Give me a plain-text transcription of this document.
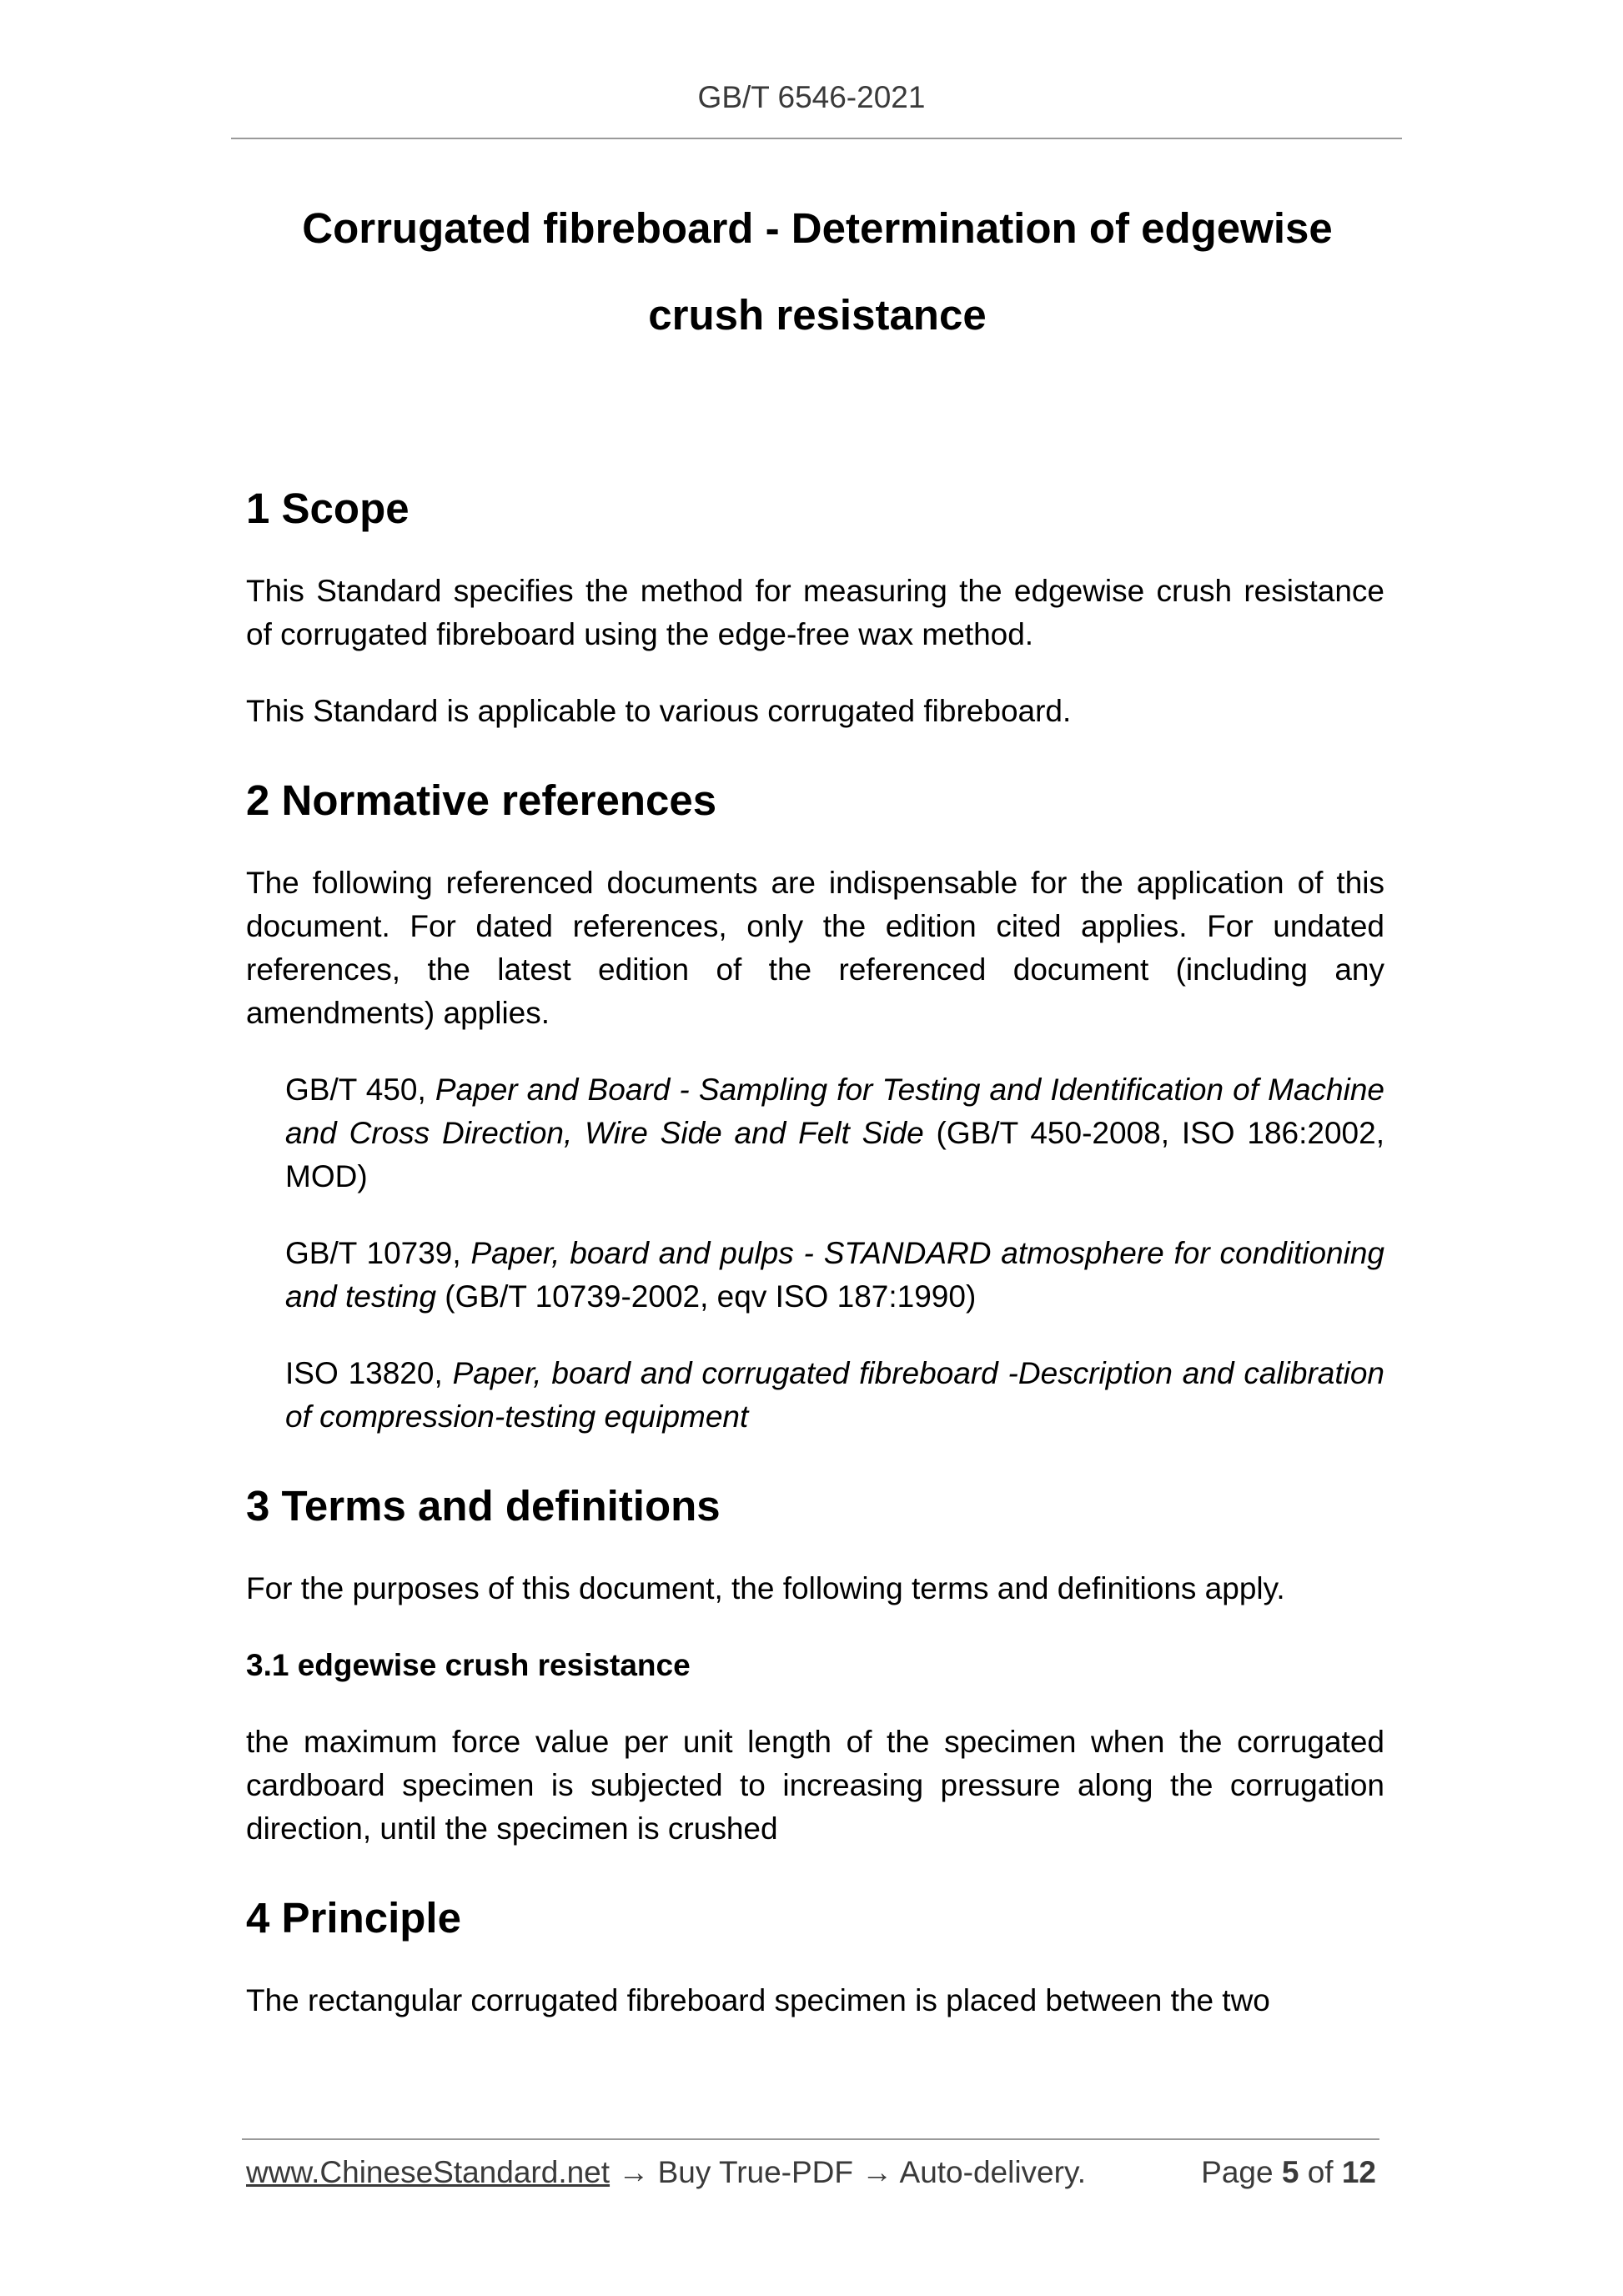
GB/T 6546-2021
Corrugated fibreboard - Determination of edgewise
crush resistance
1 Scope

This Standard specifies the method for measuring the edgewise crush resistance of corrugated fibreboard using the edge-free wax method.

This Standard is applicable to various corrugated fibreboard.

2 Normative references

The following referenced documents are indispensable for the application of this document. For dated references, only the edition cited applies. For undated references, the latest edition of the referenced document (including any amendments) applies.

GB/T 450, Paper and Board - Sampling for Testing and Identification of Machine and Cross Direction, Wire Side and Felt Side (GB/T 450-2008, ISO 186:2002, MOD)

GB/T 10739, Paper, board and pulps - STANDARD atmosphere for conditioning and testing (GB/T 10739-2002, eqv ISO 187:1990)

ISO 13820, Paper, board and corrugated fibreboard -Description and calibration of compression-testing equipment

3 Terms and definitions

For the purposes of this document, the following terms and definitions apply.

3.1 edgewise crush resistance

the maximum force value per unit length of the specimen when the corrugated cardboard specimen is subjected to increasing pressure along the corrugation direction, until the specimen is crushed

4 Principle

The rectangular corrugated fibreboard specimen is placed between the two

www.ChineseStandard.net → Buy True-PDF → Auto-delivery.	Page 5 of 12
